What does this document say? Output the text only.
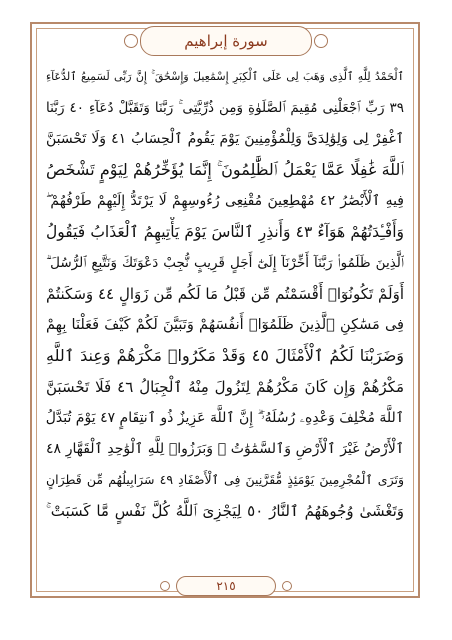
سورة إبراهيم
ٱلْحَمْدُ لِلَّهِ ٱلَّذِى وَهَبَ لِى عَلَى ٱلْكِبَرِ إِسْمَٰعِيلَ وَإِسْحَٰقَ ۚ إِنَّ رَبِّى لَسَمِيعُ ٱلدُّعَآءِ
٣٩ رَبِّ ٱجْعَلْنِى مُقِيمَ ٱلصَّلَوٰةِ وَمِن ذُرِّيَّتِى ۚ رَبَّنَا وَتَقَبَّلْ دُعَآءِ ٤٠ رَبَّنَا
ٱغْفِرْ لِى وَلِوَٰلِدَىَّ وَلِلْمُؤْمِنِينَ يَوْمَ يَقُومُ ٱلْحِسَابُ ٤١ وَلَا تَحْسَبَنَّ
ٱللَّهَ غَٰفِلًا عَمَّا يَعْمَلُ ٱلظَّٰلِمُونَ ۚ إِنَّمَا يُؤَخِّرُهُمْ لِيَوْمٍ تَشْخَصُ
فِيهِ ٱلْأَبْصَٰرُ ٤٢ مُهْطِعِينَ مُقْنِعِى رُءُوسِهِمْ لَا يَرْتَدُّ إِلَيْهِمْ طَرْفُهُمْ ۖ
وَأَفْـِٔدَتُهُمْ هَوَآءٌ ٤٣ وَأَنذِرِ ٱلنَّاسَ يَوْمَ يَأْتِيهِمُ ٱلْعَذَابُ فَيَقُولُ
ٱلَّذِينَ ظَلَمُوا۟ رَبَّنَآ أَخِّرْنَآ إِلَىٰٓ أَجَلٍ قَرِيبٍ نُّجِبْ دَعْوَتَكَ وَنَتَّبِعِ ٱلرُّسُلَ ۗ
أَوَلَمْ تَكُونُوٓا۟ أَقْسَمْتُم مِّن قَبْلُ مَا لَكُم مِّن زَوَالٍ ٤٤ وَسَكَنتُمْ
فِى مَسَٰكِنِ ٱلَّذِينَ ظَلَمُوٓا۟ أَنفُسَهُمْ وَتَبَيَّنَ لَكُمْ كَيْفَ فَعَلْنَا بِهِمْ
وَضَرَبْنَا لَكُمُ ٱلْأَمْثَالَ ٤٥ وَقَدْ مَكَرُوا۟ مَكْرَهُمْ وَعِندَ ٱللَّهِ
مَكْرُهُمْ وَإِن كَانَ مَكْرُهُمْ لِتَزُولَ مِنْهُ ٱلْجِبَالُ ٤٦ فَلَا تَحْسَبَنَّ
ٱللَّهَ مُخْلِفَ وَعْدِهِۦ رُسُلَهُۥٓ ۗ إِنَّ ٱللَّهَ عَزِيزٌ ذُو ٱنتِقَامٍ ٤٧ يَوْمَ تُبَدَّلُ
ٱلْأَرْضُ غَيْرَ ٱلْأَرْضِ وَٱلسَّمَٰوَٰتُ ۖ وَبَرَزُوا۟ لِلَّهِ ٱلْوَٰحِدِ ٱلْقَهَّارِ ٤٨
وَتَرَى ٱلْمُجْرِمِينَ يَوْمَئِذٍ مُّقَرَّنِينَ فِى ٱلْأَصْفَادِ ٤٩ سَرَابِيلُهُم مِّن قَطِرَانٍ
وَتَغْشَىٰ وُجُوهَهُمُ ٱلنَّارُ ٥٠ لِيَجْزِىَ ٱللَّهُ كُلَّ نَفْسٍ مَّا كَسَبَتْ ۚ
٢١٥
